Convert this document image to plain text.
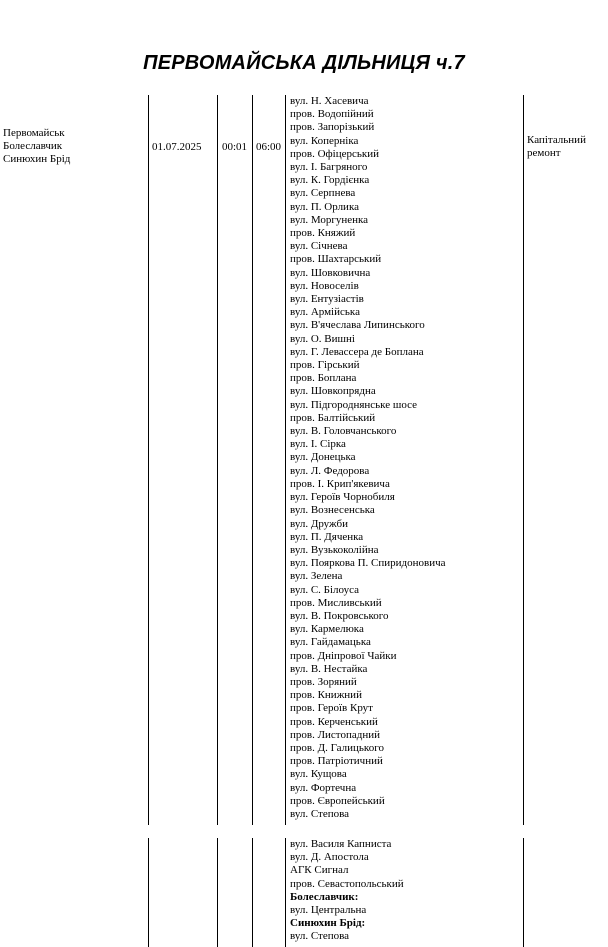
ПЕРВОМАЙСЬКА ДІЛЬНИЦЯ ч.7
Первомайськ
Болеславчик
Синюхин Брід
01.07.2025 00:01 06:00
Капітальний
ремонт
вул. Н. Хасевича
пров. Водопійний
пров. Запорізький
вул. Коперніка
пров. Офіцерський
вул. І. Багряного
вул. К. Гордієнка
вул. Серпнева
вул. П. Орлика
вул. Моргуненка
пров. Княжий
вул. Січнева
пров. Шахтарський
вул. Шовковична
вул. Новоселів
вул. Ентузіастів
вул. Армійська
вул. В'ячеслава Липинського
вул. О. Вишні
вул. Г. Левассера де Боплана
пров. Гірський
пров. Боплана
вул. Шовкопрядна
вул. Підгороднянське шосе
пров. Балтійський
вул. В. Головчанського
вул. І. Сірка
вул. Донецька
вул. Л. Федорова
пров. І. Крип'якевича
вул. Героїв Чорнобиля
вул. Вознесенська
вул. Дружби
вул. П. Дяченка
вул. Вузькоколійна
вул. Пояркова П. Спиридоновича
вул. Зелена
вул. С. Білоуса
пров. Мисливський
вул. В. Покровського
вул. Кармелюка
вул. Гайдамацька
пров. Дніпрової Чайки
вул. В. Нестайка
пров. Зоряний
пров. Книжний
пров. Героїв Крут
пров. Керченський
пров. Листопадний
пров. Д. Галицького
пров. Патріотичний
вул. Кущова
вул. Фортечна
пров. Європейський
вул. Степова
вул. Василя Капниста
вул. Д. Апостола
АГК Сигнал
пров. Севастопольський
Болеславчик:
вул. Центральна
Синюхин Брід:
вул. Степова
